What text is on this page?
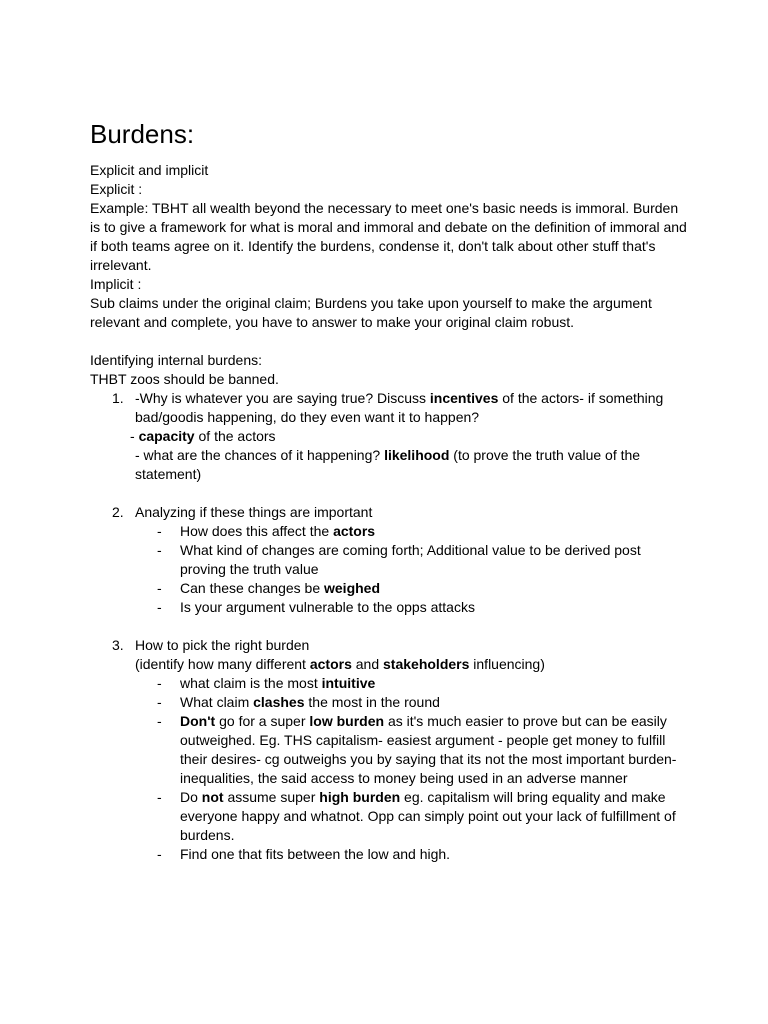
Burdens:

Explicit and implicit

Explicit :

Example: TBHT all wealth beyond the necessary to meet one's basic needs is immoral. Burden is to give a framework for what is moral and immoral and debate on the definition of immoral and if both teams agree on it. Identify the burdens, condense it, don't talk about other stuff that's irrelevant.

Implicit :

Sub claims under the original claim; Burdens you take upon yourself to make the argument relevant and complete, you have to answer to make your original claim robust.

Identifying internal burdens:

THBT zoos should be banned.

1. -Why is whatever you are saying true? Discuss incentives of the actors- if something bad/goodis happening, do they even want it to happen?
- capacity of the actors
- what are the chances of it happening? likelihood (to prove the truth value of the statement)
2. Analyzing if these things are important
- How does this affect the actors
- What kind of changes are coming forth; Additional value to be derived post proving the truth value
- Can these changes be weighed
- Is your argument vulnerable to the opps attacks
3. How to pick the right burden
(identify how many different actors and stakeholders influencing)
- what claim is the most intuitive
- What claim clashes the most in the round
- Don't go for a super low burden as it's much easier to prove but can be easily outweighed. Eg. THS capitalism- easiest argument - people get money to fulfill their desires- cg outweighs you by saying that its not the most important burden- inequalities, the said access to money being used in an adverse manner
- Do not assume super high burden eg. capitalism will bring equality and make everyone happy and whatnot. Opp can simply point out your lack of fulfillment of burdens.
- Find one that fits between the low and high.
